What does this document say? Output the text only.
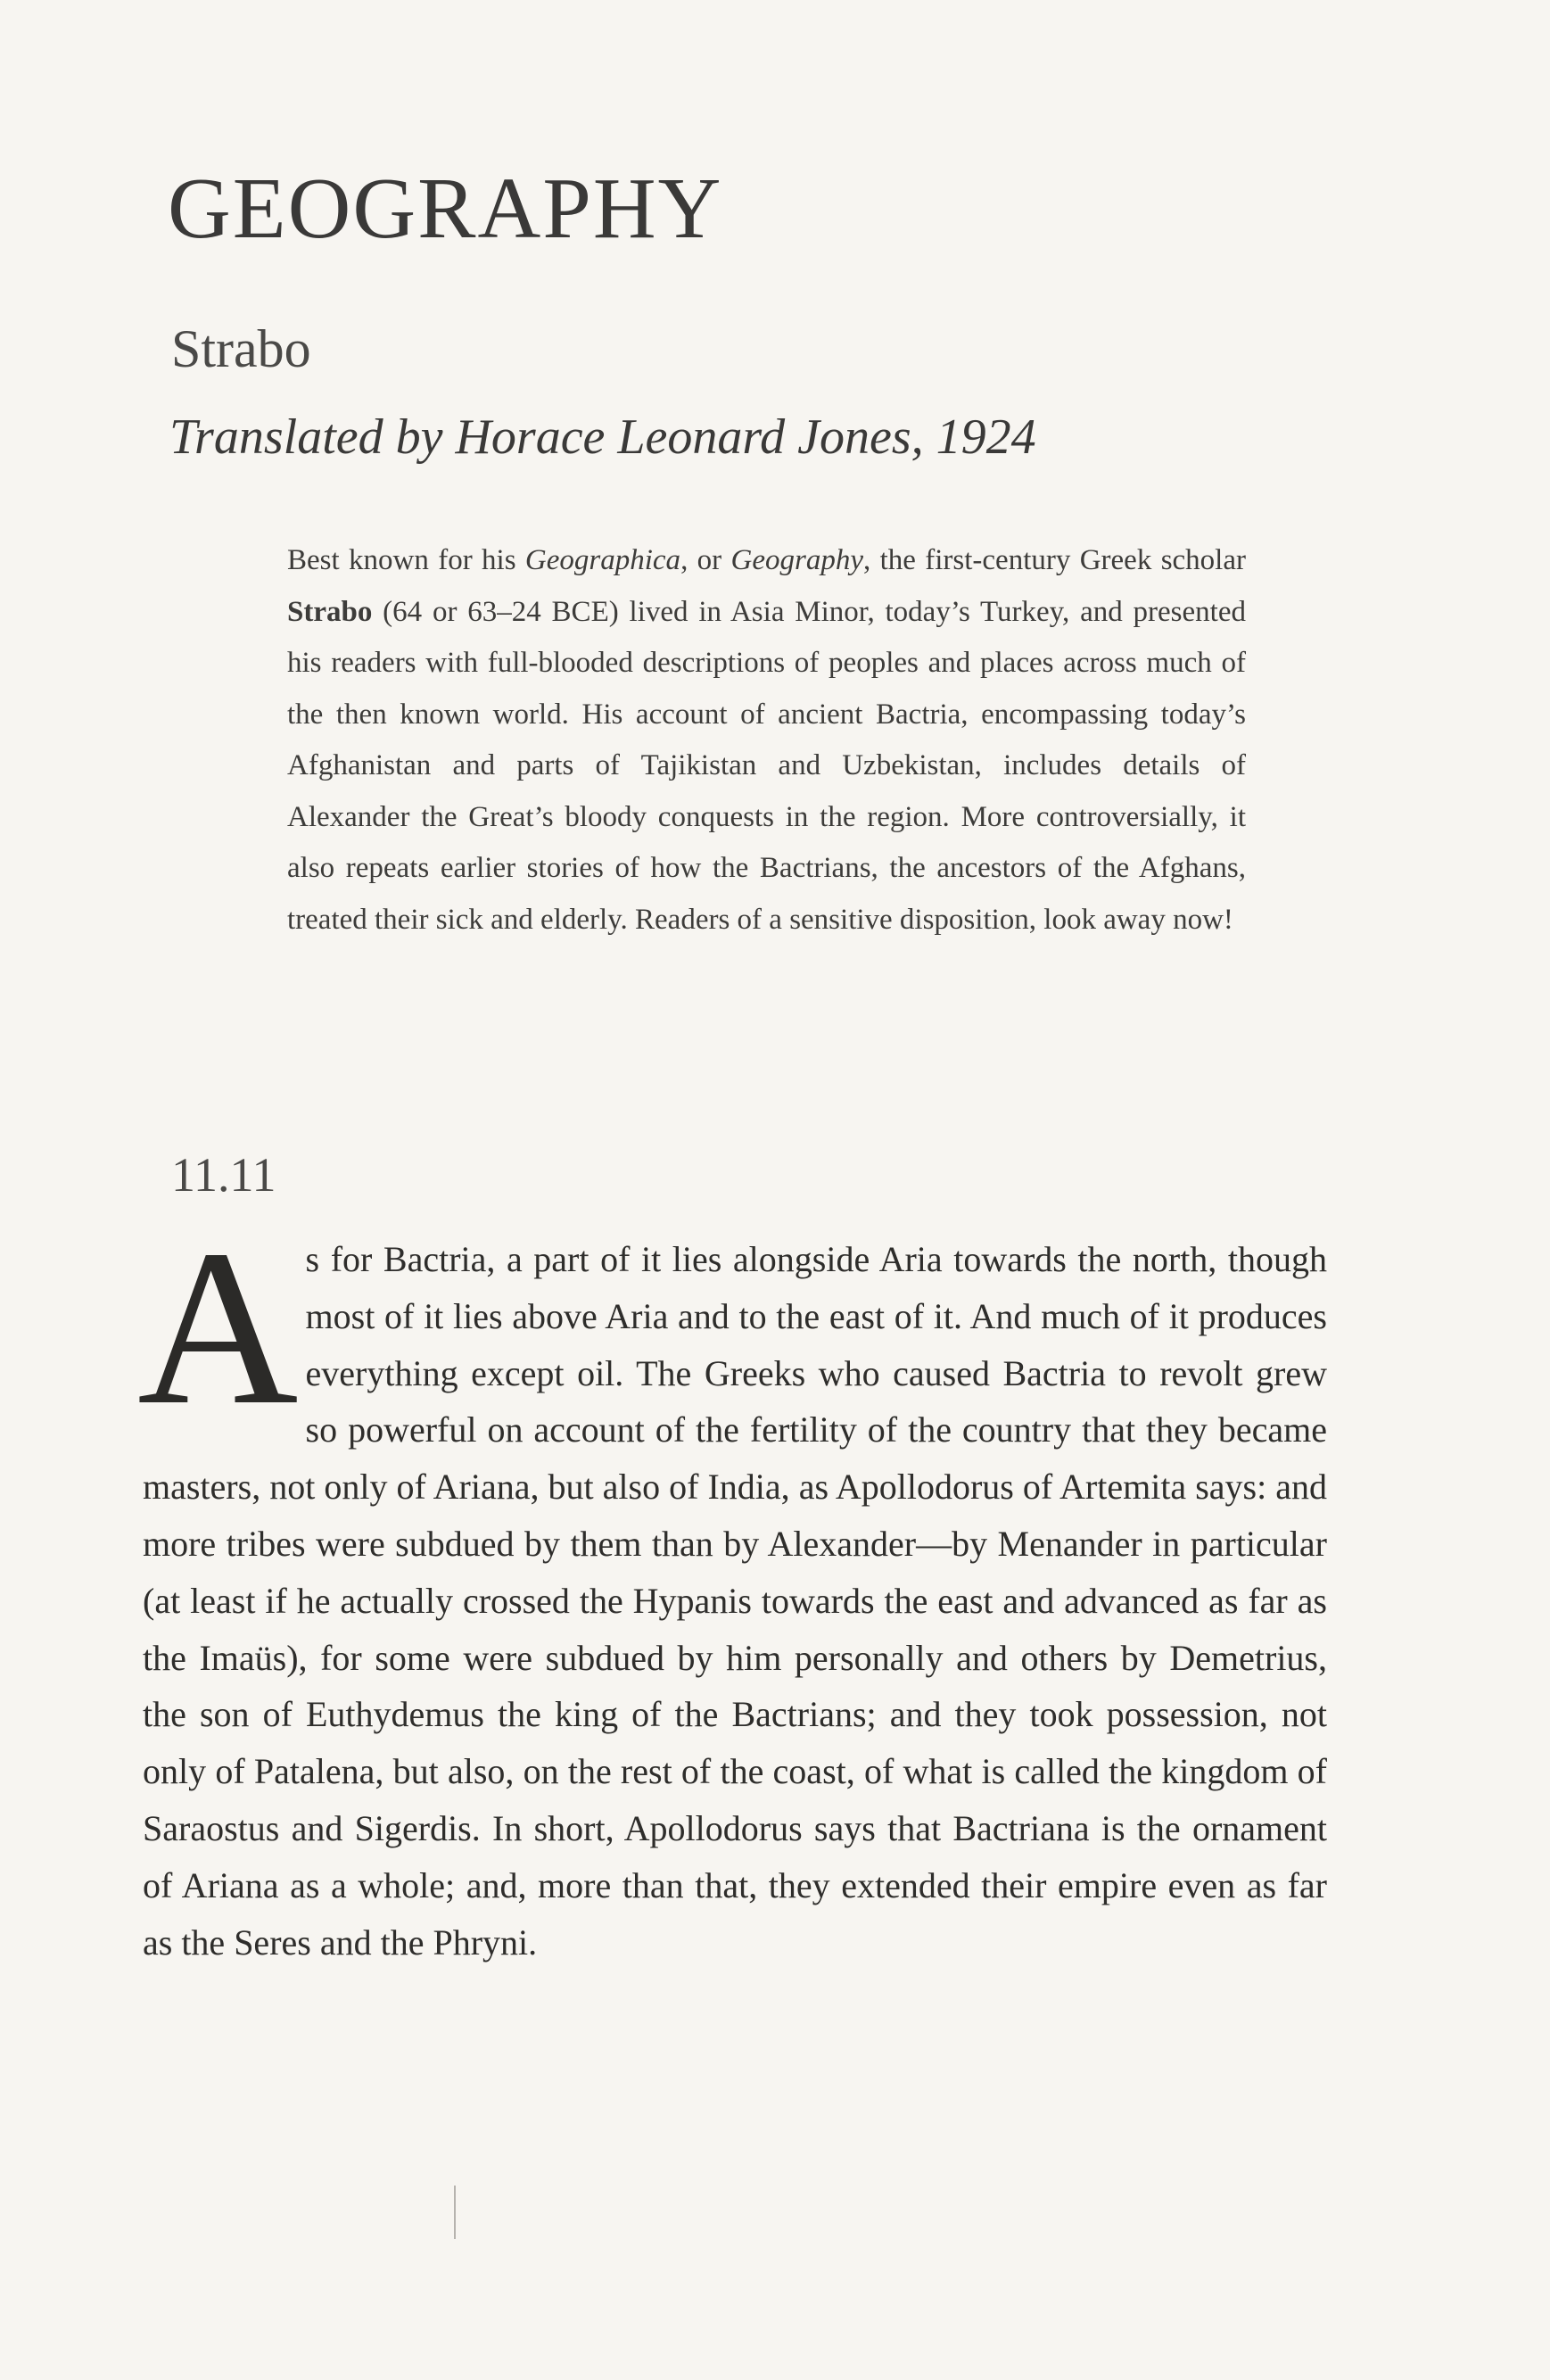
GEOGRAPHY
Strabo
Translated by Horace Leonard Jones, 1924

Best known for his Geographica, or Geography, the first-century Greek scholar Strabo (64 or 63–24 BCE) lived in Asia Minor, today’s Turkey, and presented his readers with full-blooded descriptions of peoples and places across much of the then known world. His account of ancient Bactria, encompassing today’s Afghanistan and parts of Tajikistan and Uzbekistan, includes details of Alexander the Great’s bloody conquests in the region. More controversially, it also repeats earlier stories of how the Bactrians, the ancestors of the Afghans, treated their sick and elderly. Readers of a sensitive disposition, look away now!

11.11

As for Bactria, a part of it lies alongside Aria towards the north, though most of it lies above Aria and to the east of it. And much of it produces everything except oil. The Greeks who caused Bactria to revolt grew so powerful on account of the fertility of the country that they became masters, not only of Ariana, but also of India, as Apollodorus of Artemita says: and more tribes were subdued by them than by Alexander—by Menander in particular (at least if he actually crossed the Hypanis towards the east and advanced as far as the Imaüs), for some were subdued by him personally and others by Demetrius, the son of Euthydemus the king of the Bactrians; and they took possession, not only of Patalena, but also, on the rest of the coast, of what is called the kingdom of Saraostus and Sigerdis. In short, Apollodorus says that Bactriana is the ornament of Ariana as a whole; and, more than that, they extended their empire even as far as the Seres and the Phryni.
